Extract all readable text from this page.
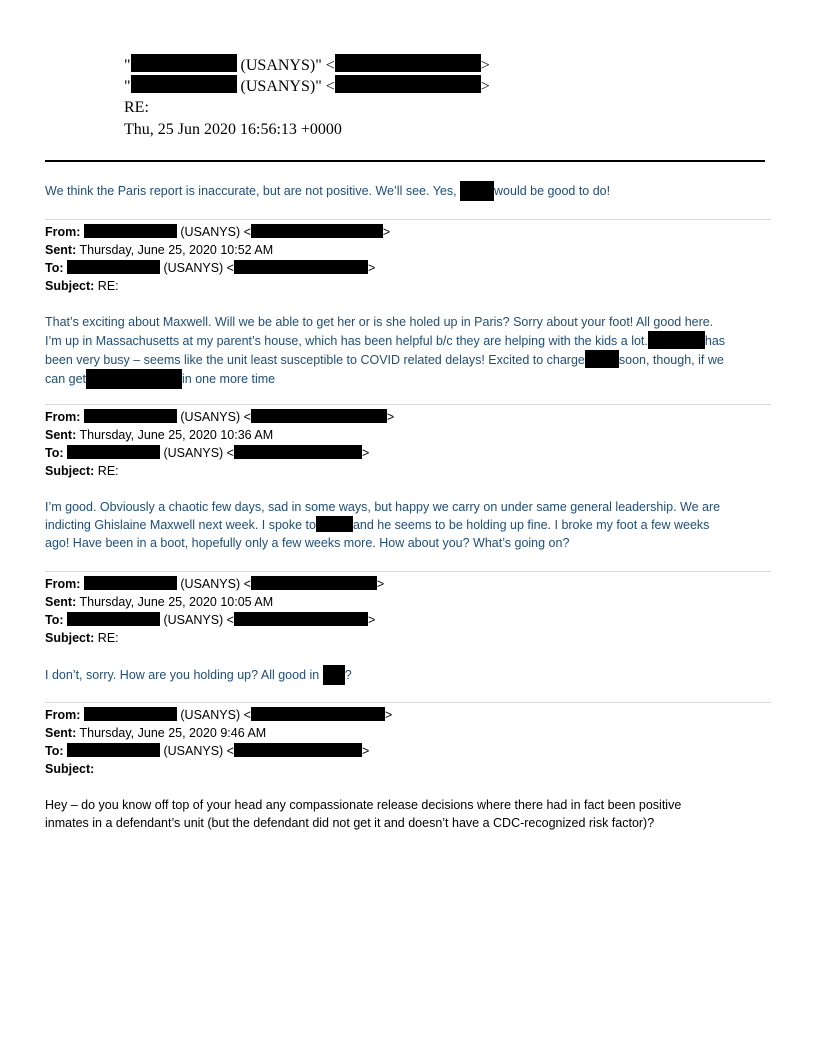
"	(USANYS)" <	>
"	(USANYS)" <	>
RE:
Thu, 25 Jun 2020 16:56:13 +0000
We think the Paris report is inaccurate, but are not positive. We’ll see. Yes,	would be good to do!
From:	(USANYS) <	>
Sent: Thursday, June 25, 2020 10:52 AM
To:	(USANYS) <	>
Subject: RE:
That’s exciting about Maxwell. Will we be able to get her or is she holed up in Paris? Sorry about your foot! All good here.
I’m up in Massachusetts at my parent’s house, which has been helpful b/c they are helping with the kids a lot.	has
been very busy – seems like the unit least susceptible to COVID related delays! Excited to charge	soon, though, if we
can get	in one more time
From:	(USANYS) <	>
Sent: Thursday, June 25, 2020 10:36 AM
To:	(USANYS) <	>
Subject: RE:
I’m good. Obviously a chaotic few days, sad in some ways, but happy we carry on under same general leadership. We are
indicting Ghislaine Maxwell next week. I spoke to	and he seems to be holding up fine. I broke my foot a few weeks
ago! Have been in a boot, hopefully only a few weeks more. How about you? What’s going on?
From:	(USANYS) <	>
Sent: Thursday, June 25, 2020 10:05 AM
To:	(USANYS) <	>
Subject: RE:
I don’t, sorry. How are you holding up? All good in ?
From:	(USANYS) <	>
Sent: Thursday, June 25, 2020 9:46 AM
To:	(USANYS) <	>
Subject:
Hey – do you know off top of your head any compassionate release decisions where there had in fact been positive
inmates in a defendant’s unit (but the defendant did not get it and doesn’t have a CDC-recognized risk factor)?
